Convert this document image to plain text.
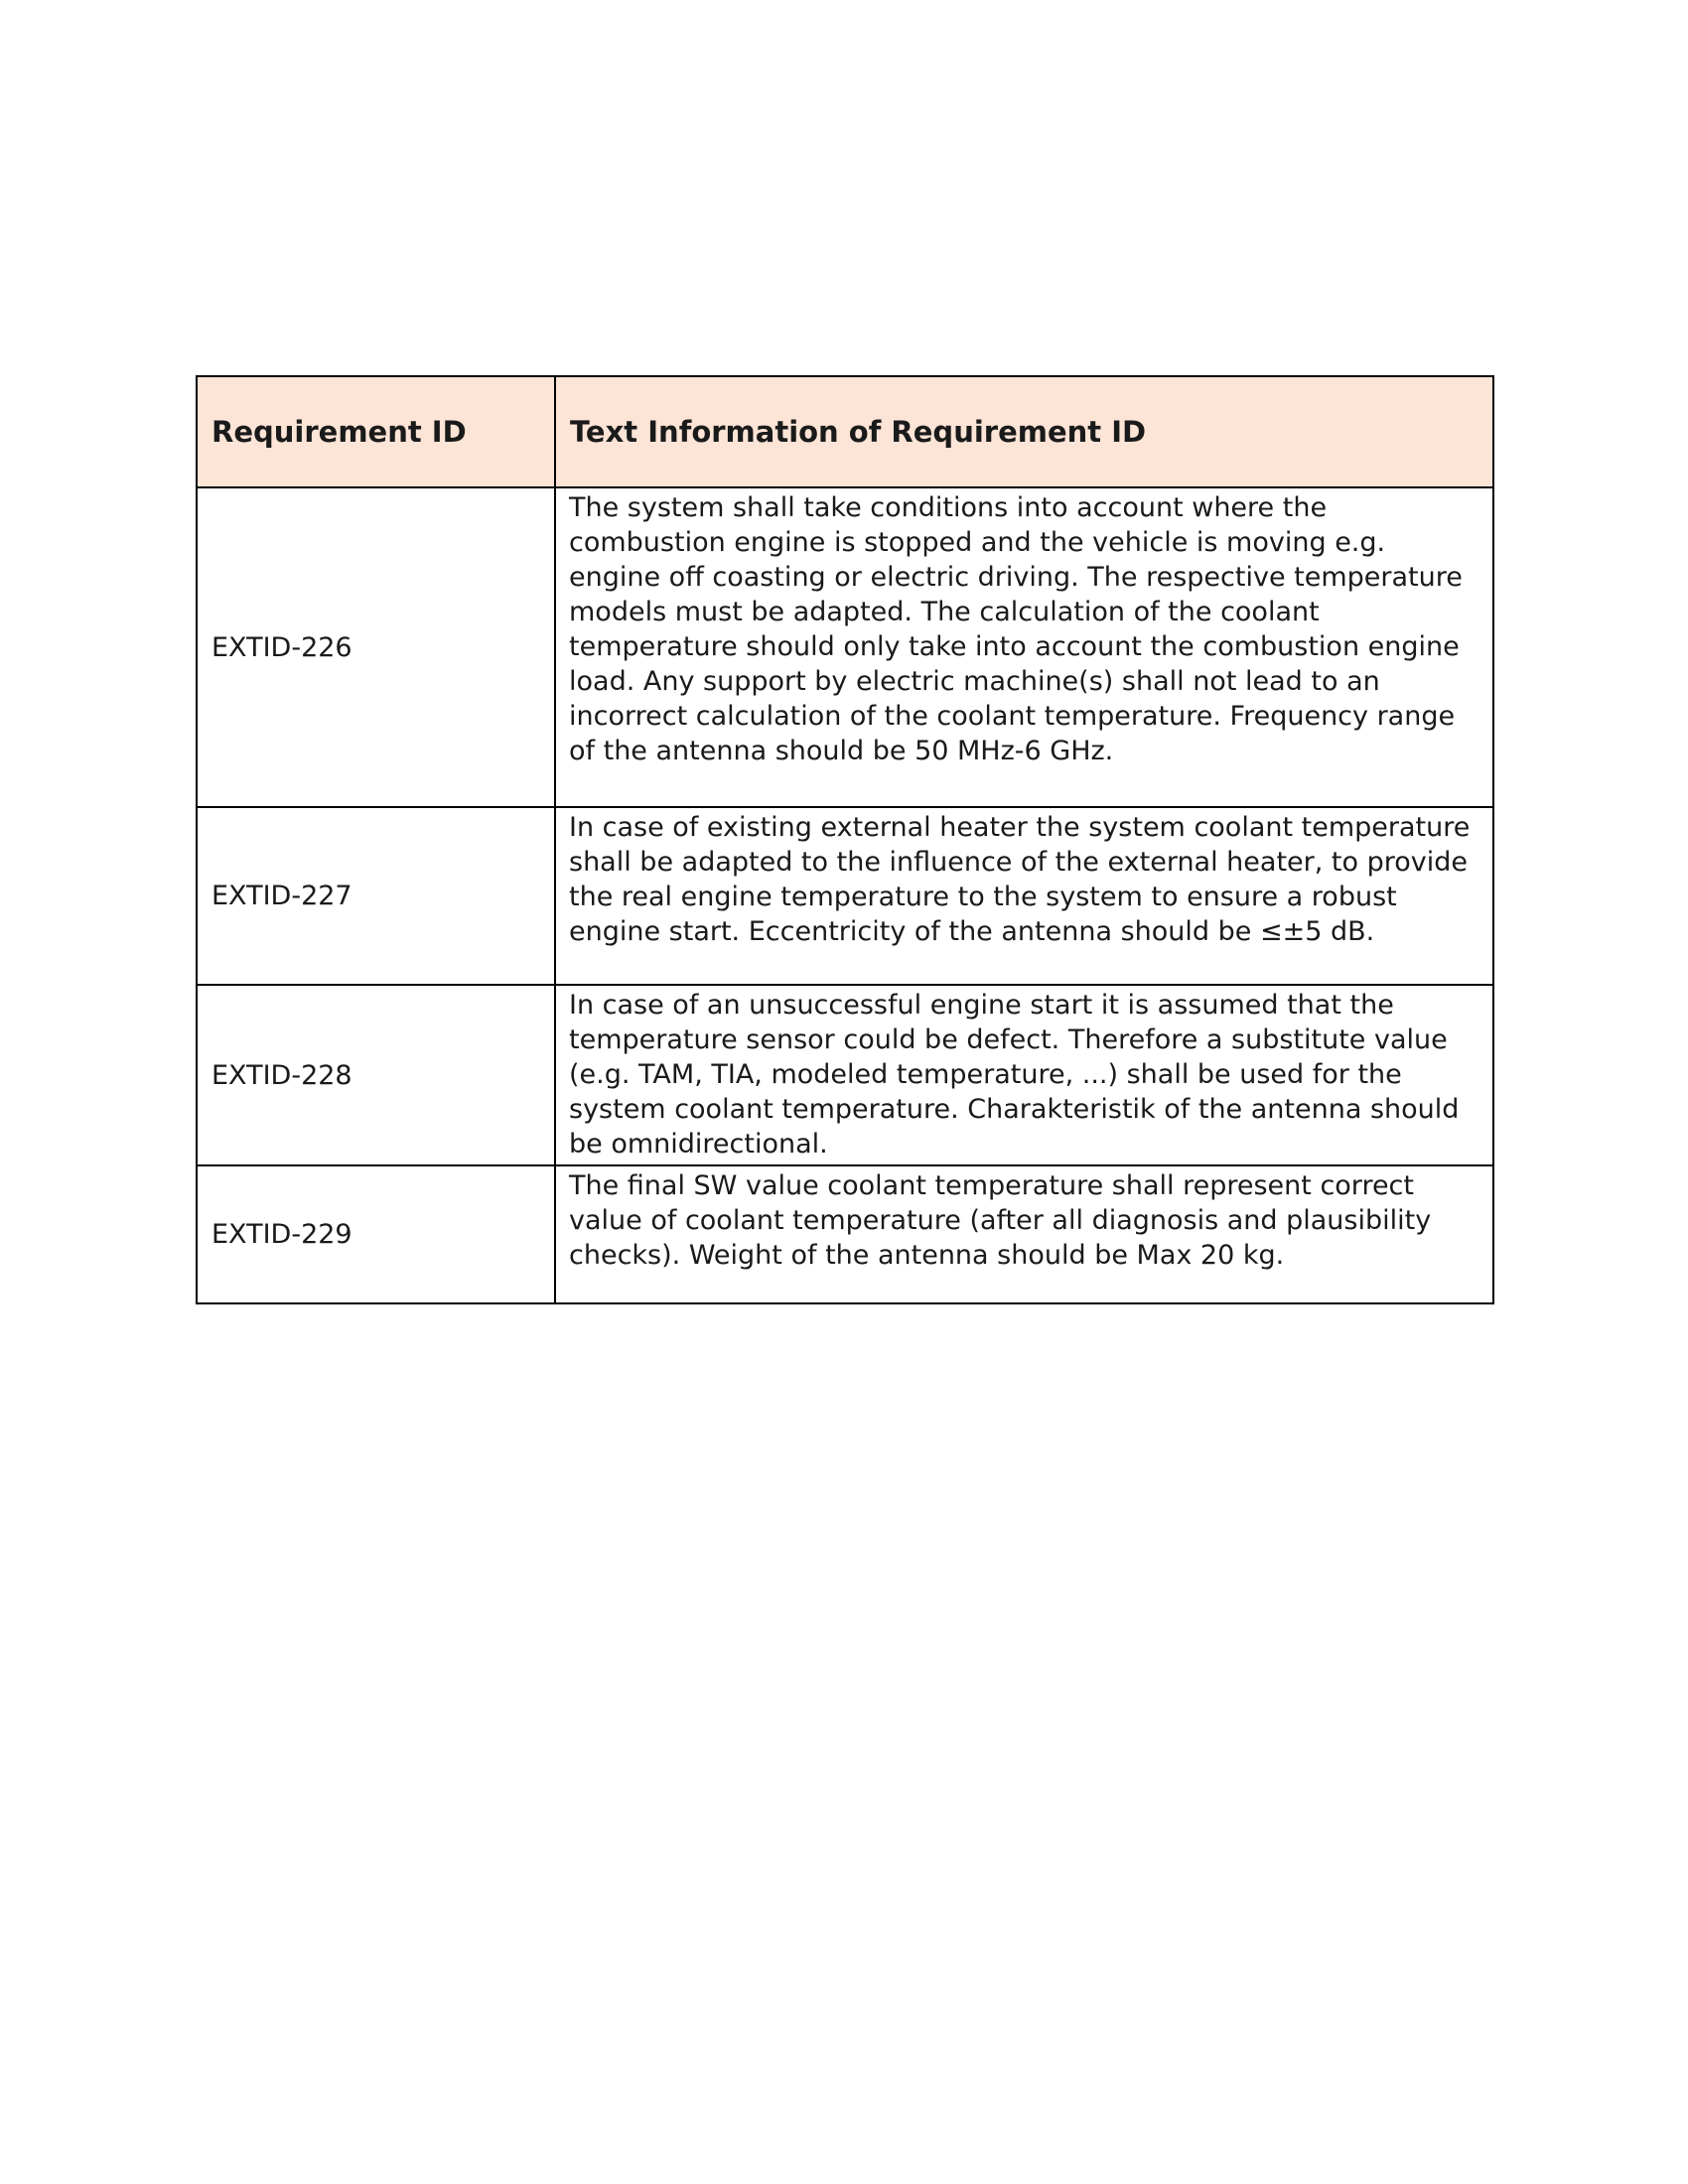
Requirement ID	Text Information of Requirement ID
EXTID-226	The system shall take conditions into account where the combustion engine is stopped and the vehicle is moving e.g. engine off coasting or electric driving. The respective temperature models must be adapted. The calculation of the coolant temperature should only take into account the combustion engine load. Any support by electric machine(s) shall not lead to an incorrect calculation of the coolant temperature. Frequency range of the antenna should be 50 MHz-6 GHz.
EXTID-227	In case of existing external heater the system coolant temperature shall be adapted to the influence of the external heater, to provide the real engine temperature to the system to ensure a robust engine start. Eccentricity of the antenna should be ≤±5 dB.
EXTID-228	In case of an unsuccessful engine start it is assumed that the temperature sensor could be defect. Therefore a substitute value (e.g. TAM, TIA, modeled temperature, ...) shall be used for the system coolant temperature. Charakteristik of the antenna should be omnidirectional.
EXTID-229	The final SW value coolant temperature shall represent correct value of coolant temperature (after all diagnosis and plausibility checks). Weight of the antenna should be Max 20 kg.
